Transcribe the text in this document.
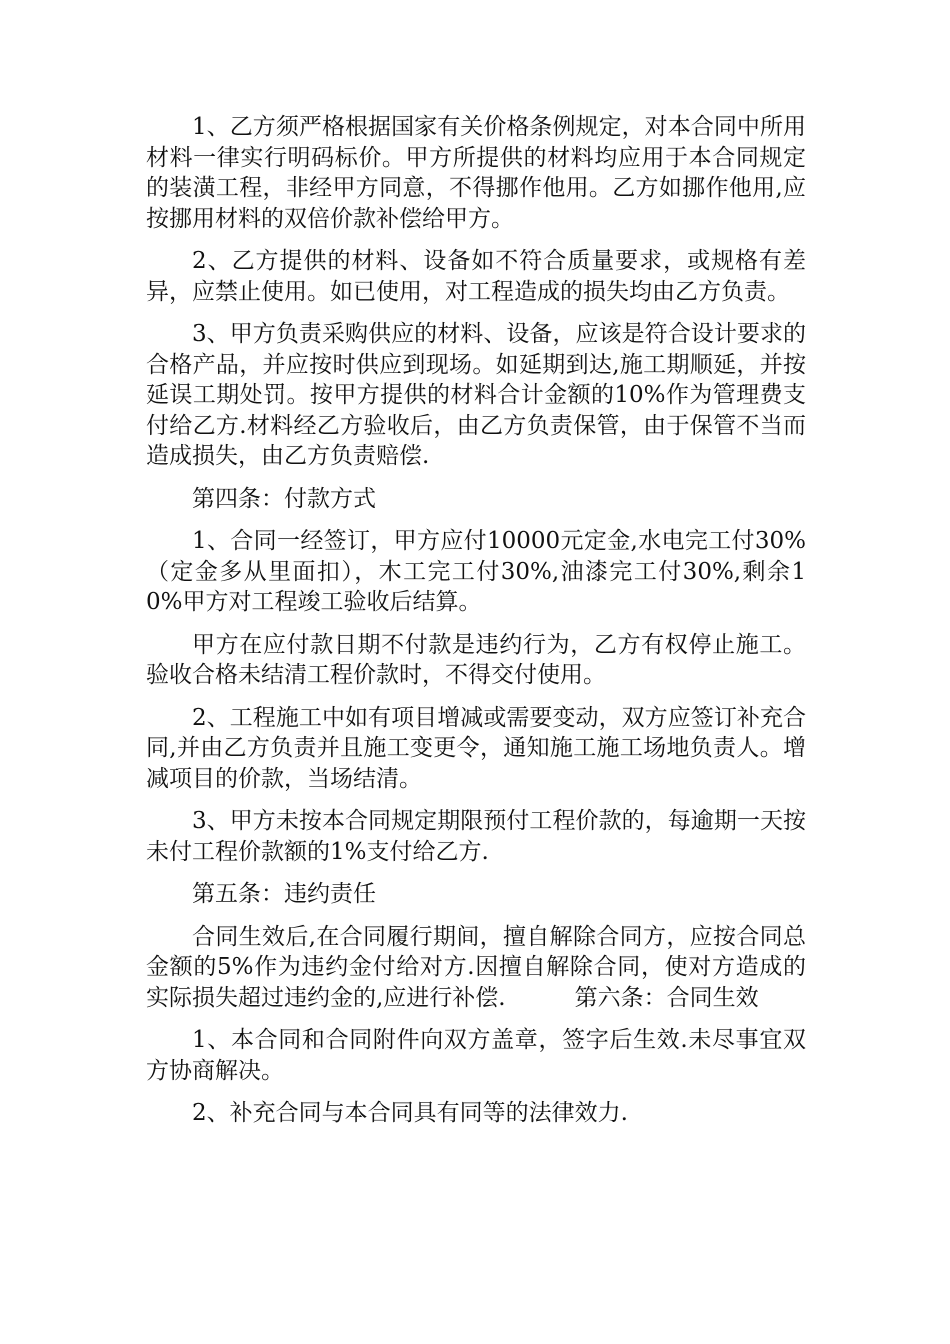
1、乙方须严格根据国家有关价格条例规定，对本合同中所用材料一律实行明码标价。甲方所提供的材料均应用于本合同规定的装潢工程，非经甲方同意，不得挪作他用。乙方如挪作他用,应按挪用材料的双倍价款补偿给甲方。

2、乙方提供的材料、设备如不符合质量要求，或规格有差异，应禁止使用。如已使用，对工程造成的损失均由乙方负责。

3、甲方负责采购供应的材料、设备，应该是符合设计要求的合格产品，并应按时供应到现场。如延期到达,施工期顺延，并按延误工期处罚。按甲方提供的材料合计金额的10%作为管理费支付给乙方.材料经乙方验收后，由乙方负责保管，由于保管不当而造成损失，由乙方负责赔偿.

第四条：付款方式

1、合同一经签订，甲方应付10000元定金,水电完工付30%（定金多从里面扣），木工完工付30%,油漆完工付30%,剩余10%甲方对工程竣工验收后结算。

甲方在应付款日期不付款是违约行为，乙方有权停止施工。验收合格未结清工程价款时，不得交付使用。

2、工程施工中如有项目增减或需要变动，双方应签订补充合同,并由乙方负责并且施工变更令，通知施工施工场地负责人。增减项目的价款，当场结清。

3、甲方未按本合同规定期限预付工程价款的，每逾期一天按未付工程价款额的1%支付给乙方.

第五条：违约责任

合同生效后,在合同履行期间，擅自解除合同方，应按合同总金额的5%作为违约金付给对方.因擅自解除合同，使对方造成的实际损失超过违约金的,应进行补偿.　　　第六条：合同生效

1、本合同和合同附件向双方盖章，签字后生效.未尽事宜双方协商解决。

2、补充合同与本合同具有同等的法律效力.
